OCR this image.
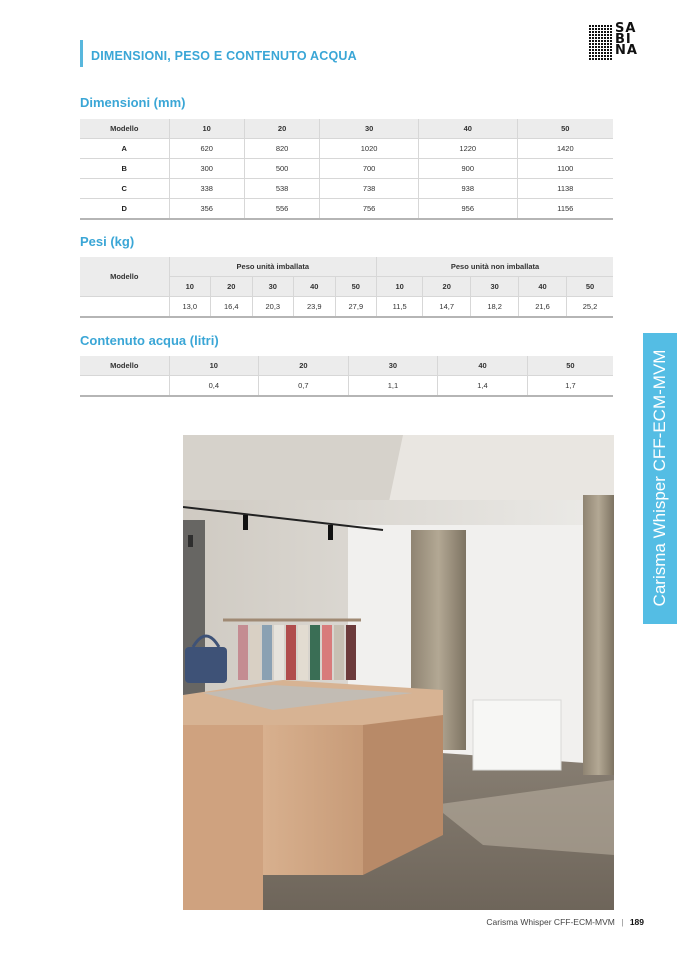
DIMENSIONI, PESO E CONTENUTO ACQUA
SA
BI
NA
Dimensioni (mm)
Modello	10	20	30	40	50
A	620	820	1020	1220	1420
B	300	500	700	900	1100
C	338	538	738	938	1138
D	356	556	756	956	1156
Pesi (kg)
Modello	Peso unità imballata					Peso unità non imballata				
	10	20	30	40	50	10	20	30	40	50
	13,0	16,4	20,3	23,9	27,9	11,5	14,7	18,2	21,6	25,2
Contenuto acqua (litri)
Modello	10	20	30	40	50
	0,4	0,7	1,1	1,4	1,7	Carisma Whisper CFF-ECM-MVM
Carisma Whisper CFF-ECM-MVM | 189
